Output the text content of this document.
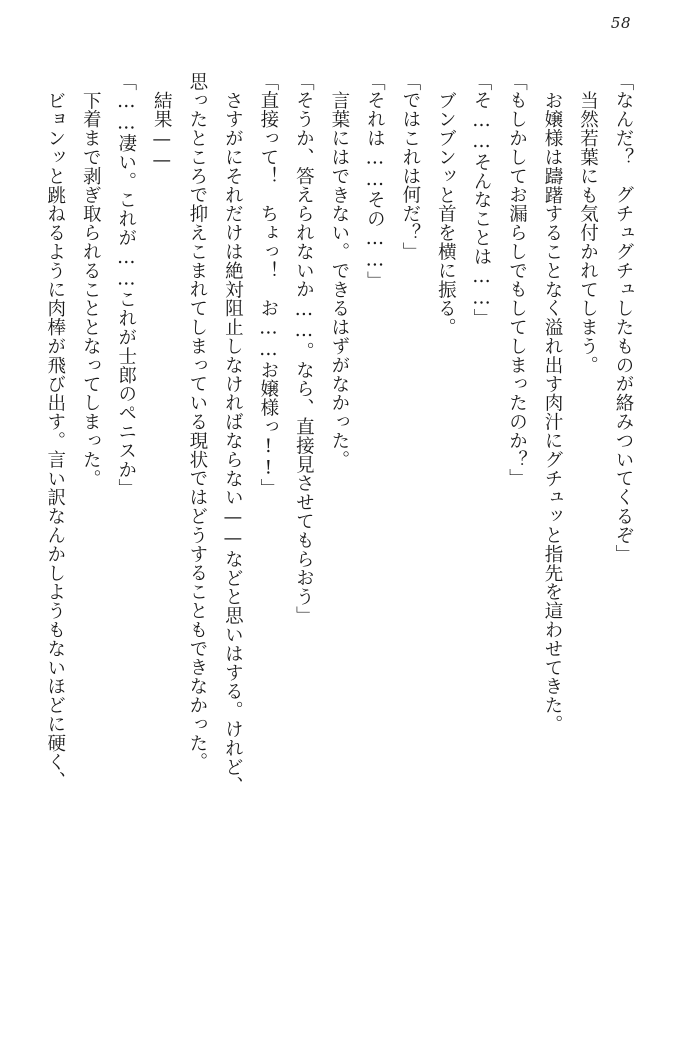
58

「なんだ？　グチュグチュしたものが絡みついてくるぞ」

当然若葉にも気付かれてしまう。

お嬢様は躊躇することなく溢れ出す肉汁にグチュッと指先を這わせてきた。

「もしかしてお漏らしでもしてしまったのか？」

「そ……そんなことは……」

ブンブンッと首を横に振る。

「ではこれは何だ？」

「それは……その……」

言葉にはできない。できるはずがなかった。

「そうか、答えられないか……。なら、直接見させてもらおう」

「直接って！　ちょっ！　お……お嬢様っ!!」

さすがにそれだけは絶対阻止しなければならない——などと思いはする。けれど、

思ったところで抑えこまれてしまっている現状ではどうすることもできなかった。

結果——

「……凄い。これが……これが士郎のペニスか」

下着まで剥ぎ取られることとなってしまった。

ビョンッと跳ねるように肉棒が飛び出す。言い訳なんかしようもないほどに硬く、
